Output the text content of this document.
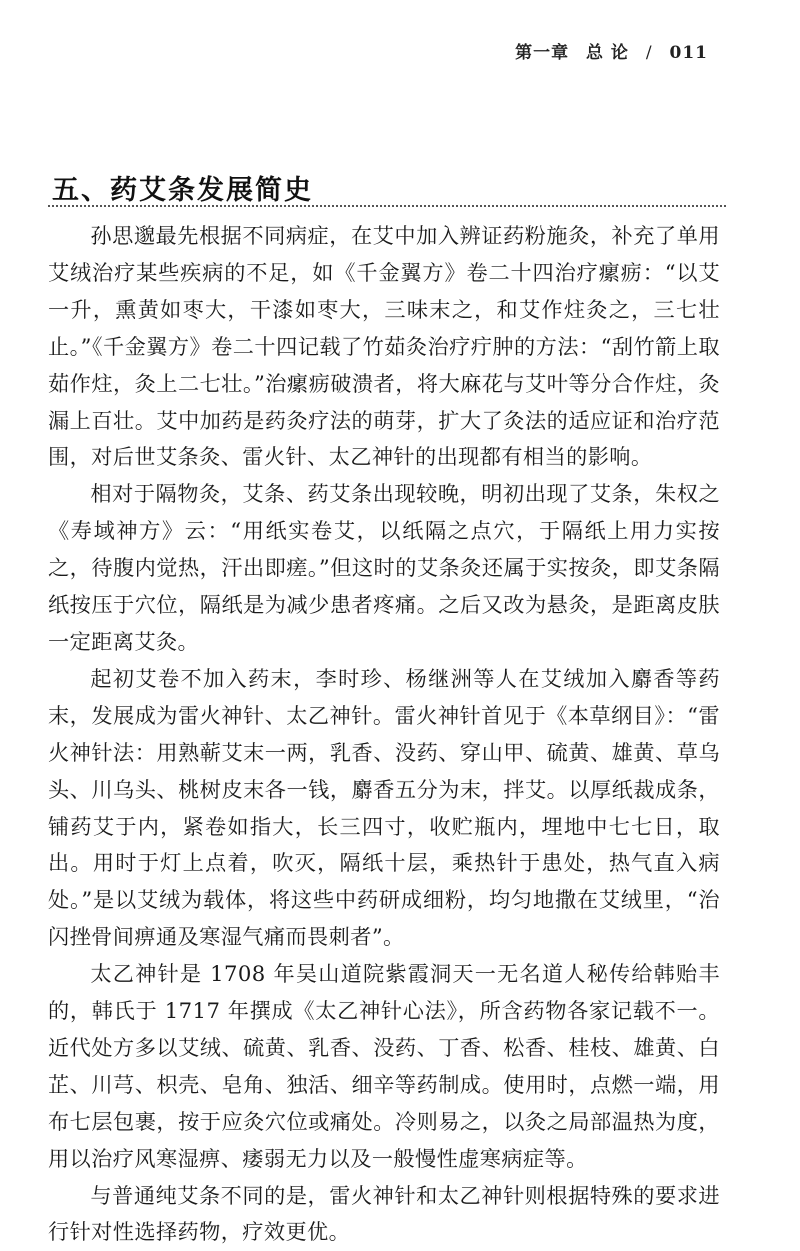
第一章 总 论 / 011
五、药艾条发展简史

孙思邈最先根据不同病症，在艾中加入辨证药粉施灸，补充了单用艾绒治疗某些疾病的不足，如《千金翼方》卷二十四治疗瘰疬：“以艾一升，熏黄如枣大，干漆如枣大，三味末之，和艾作炷灸之，三七壮止。”《千金翼方》卷二十四记载了竹茹灸治疗疔肿的方法：“刮竹箭上取茹作炷，灸上二七壮。”治瘰疬破溃者，将大麻花与艾叶等分合作炷，灸漏上百壮。艾中加药是药灸疗法的萌芽，扩大了灸法的适应证和治疗范围，对后世艾条灸、雷火针、太乙神针的出现都有相当的影响。

相对于隔物灸，艾条、药艾条出现较晚，明初出现了艾条，朱权之《寿域神方》云：“用纸实卷艾，以纸隔之点穴，于隔纸上用力实按之，待腹内觉热，汗出即瘥。”但这时的艾条灸还属于实按灸，即艾条隔纸按压于穴位，隔纸是为减少患者疼痛。之后又改为悬灸，是距离皮肤一定距离艾灸。

起初艾卷不加入药末，李时珍、杨继洲等人在艾绒加入麝香等药末，发展成为雷火神针、太乙神针。雷火神针首见于《本草纲目》：“雷火神针法：用熟蕲艾末一两，乳香、没药、穿山甲、硫黄、雄黄、草乌头、川乌头、桃树皮末各一钱，麝香五分为末，拌艾。以厚纸裁成条，铺药艾于内，紧卷如指大，长三四寸，收贮瓶内，埋地中七七日，取出。用时于灯上点着，吹灭，隔纸十层，乘热针于患处，热气直入病处。”是以艾绒为载体，将这些中药研成细粉，均匀地撒在艾绒里，“治闪挫骨间痹通及寒湿气痛而畏刺者”。

太乙神针是 1708 年吴山道院紫霞洞天一无名道人秘传给韩贻丰的，韩氏于 1717 年撰成《太乙神针心法》，所含药物各家记载不一。近代处方多以艾绒、硫黄、乳香、没药、丁香、松香、桂枝、雄黄、白芷、川芎、枳壳、皂角、独活、细辛等药制成。使用时，点燃一端，用布七层包裹，按于应灸穴位或痛处。冷则易之，以灸之局部温热为度，用以治疗风寒湿痹、痿弱无力以及一般慢性虚寒病症等。

与普通纯艾条不同的是，雷火神针和太乙神针则根据特殊的要求进行针对性选择药物，疗效更优。
